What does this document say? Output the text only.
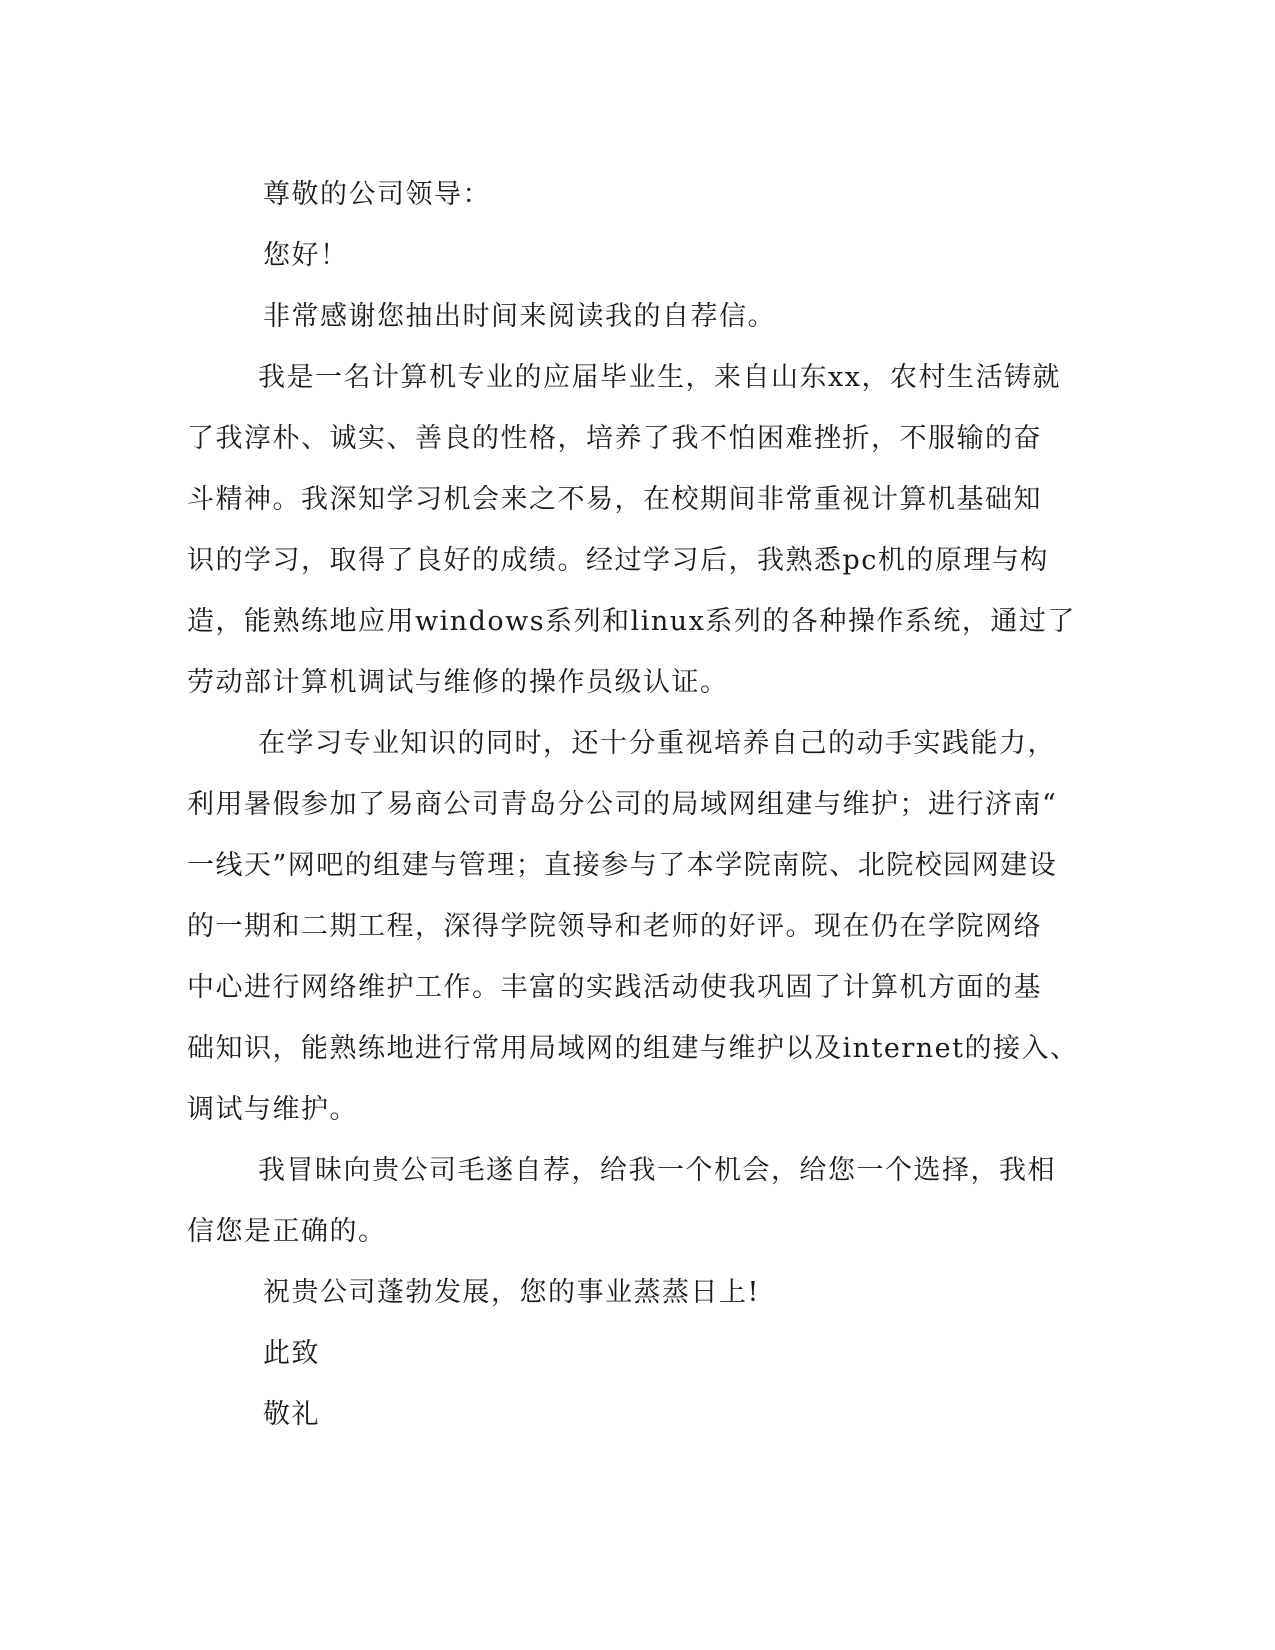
尊敬的公司领导：

您好！

非常感谢您抽出时间来阅读我的自荐信。

我是一名计算机专业的应届毕业生，来自山东xx，农村生活铸就
了我淳朴、诚实、善良的性格，培养了我不怕困难挫折，不服输的奋
斗精神。我深知学习机会来之不易，在校期间非常重视计算机基础知
识的学习，取得了良好的成绩。经过学习后，我熟悉pc机的原理与构
造，能熟练地应用windows系列和linux系列的各种操作系统，通过了
劳动部计算机调试与维修的操作员级认证。

在学习专业知识的同时，还十分重视培养自己的动手实践能力，
利用暑假参加了易商公司青岛分公司的局域网组建与维护；进行济南“
一线天”网吧的组建与管理；直接参与了本学院南院、北院校园网建设
的一期和二期工程，深得学院领导和老师的好评。现在仍在学院网络
中心进行网络维护工作。丰富的实践活动使我巩固了计算机方面的基
础知识，能熟练地进行常用局域网的组建与维护以及internet的接入、
调试与维护。

我冒昧向贵公司毛遂自荐，给我一个机会，给您一个选择，我相
信您是正确的。

祝贵公司蓬勃发展，您的事业蒸蒸日上!

此致

敬礼
